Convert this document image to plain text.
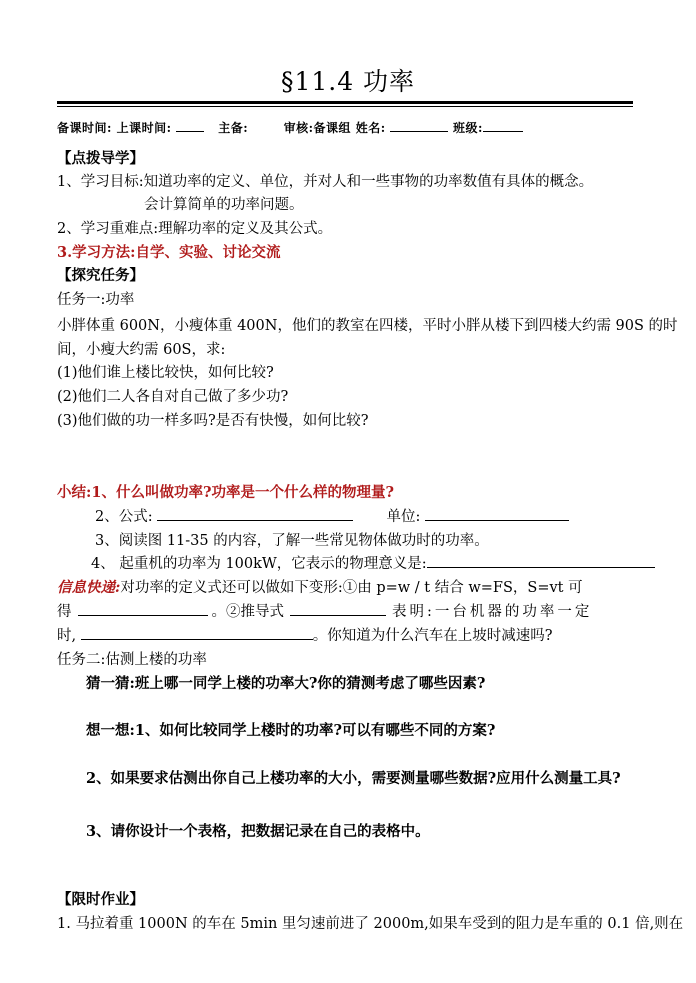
§11.4 功率
备课时间: 上课时间:	主备:	审核:备课组 姓名:	班级:
【点拨导学】
1、学习目标:知道功率的定义、单位，并对人和一些事物的功率数值有具体的概念。
会计算简单的功率问题。
2、学习重难点:理解功率的定义及其公式。
3.学习方法:自学、实验、讨论交流
【探究任务】
任务一:功率
小胖体重 600N，小瘦体重 400N，他们的教室在四楼，平时小胖从楼下到四楼大约需 90S 的时
间，小瘦大约需 60S，求:
(1)他们谁上楼比较快，如何比较?
(2)他们二人各自对自己做了多少功?
(3)他们做的功一样多吗?是否有快慢，如何比较?
小结:1、什么叫做功率?功率是一个什么样的物理量?
2、公式:	单位:
3、阅读图 11-35 的内容，了解一些常见物体做功时的功率。
4、 起重机的功率为 100kW，它表示的物理意义是:
信息快递:对功率的定义式还可以做如下变形:①由 p=w / t 结合 w=FS，S=vt 可
得	。②推导式	表明:一台机器的功率一定
时,	。你知道为什么汽车在上坡时减速吗?
任务二:估测上楼的功率
猜一猜:班上哪一同学上楼的功率大?你的猜测考虑了哪些因素?
想一想:1、如何比较同学上楼时的功率?可以有哪些不同的方案?
2、如果要求估测出你自己上楼功率的大小，需要测量哪些数据?应用什么测量工具?
3、请你设计一个表格，把数据记录在自己的表格中。
【限时作业】
1. 马拉着重 1000N 的车在 5min 里匀速前进了 2000m,如果车受到的阻力是车重的 0.1 倍,则在
